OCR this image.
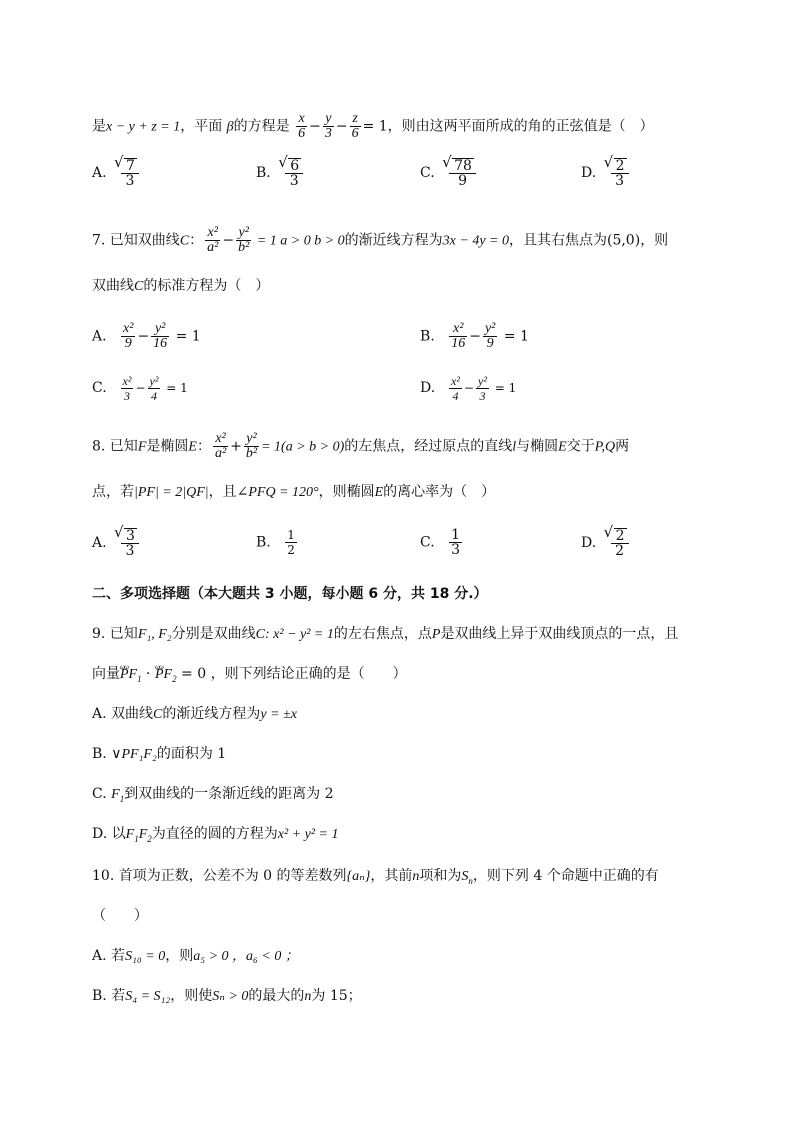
是x − y + z = 1，平面 β的方程是 $\frac{x}{6} - \frac{y}{3} - \frac{z}{6} = 1$，则由这两平面所成的角的正弦值是（　）
A. √ $\frac{7}{3}$	B. √ $\frac{6}{3}$	C. √ $\frac{78}{9}$	D. √ $\frac{2}{3}$
7. 已知双曲线C： $\frac{\text{x²}}{\text{a²}} - \frac{\text{y²}}{\text{b²}} = 1$ a > 0 b > 0的渐近线方程为3x − 4y = 0，且其右焦点为(5,0)，则
双曲线C的标准方程为（　）
A. $\frac{\text{x²}}{9} - \frac{\text{y²}}{16} = 1$	B. $\frac{\text{x²}}{16} - \frac{\text{y²}}{9} = 1$
C. $\frac{\text{x²}}{3} - \frac{\text{y²}}{4} = 1$	D. $\frac{\text{x²}}{4} - \frac{\text{y²}}{3} = 1$
8. 已知F是椭圆E： $\frac{\text{x²}}{\text{a²}} + \frac{\text{y²}}{\text{b²}} = 1(a > b > 0)$的左焦点，经过原点的直线l与椭圆E交于P,Q两
点，若|PF| = 2|QF|，且∠PFQ = 120°，则椭圆E的离心率为（　）
A. √ $\frac{3}{3}$	B. $\frac{1}{2}$	C. $\frac{1}{3}$	D. √ $\frac{2}{2}$
二、多项选择题（本大题共 3 小题，每小题 6 分，共 18 分.）
9. 已知F₁, F₂分别是双曲线C: x² − y² = 1的左右焦点，点P是双曲线上异于双曲线顶点的一点，且
向量ωω $PF_1 \cdot \omega\omega$ $PF_2 = 0$ ，则下列结论正确的是（　　）
A. 双曲线C的渐近线方程为y = ±x
B. ∨PF₁F₂的面积为 1
C. $F_1$到双曲线的一条渐近线的距离为 2
D. 以$F_1F_2$为直径的圆的方程为x² + y² = 1
10. 首项为正数，公差不为 0 的等差数列{aₙ}，其前n项和为$S_n$，则下列 4 个命题中正确的有
（　　）
A. 若S₁₀ = 0，则a₅ > 0 ，a₆ < 0 ；
B. 若S₄ = S₁₂，则使Sₙ > 0的最大的n为 15；
